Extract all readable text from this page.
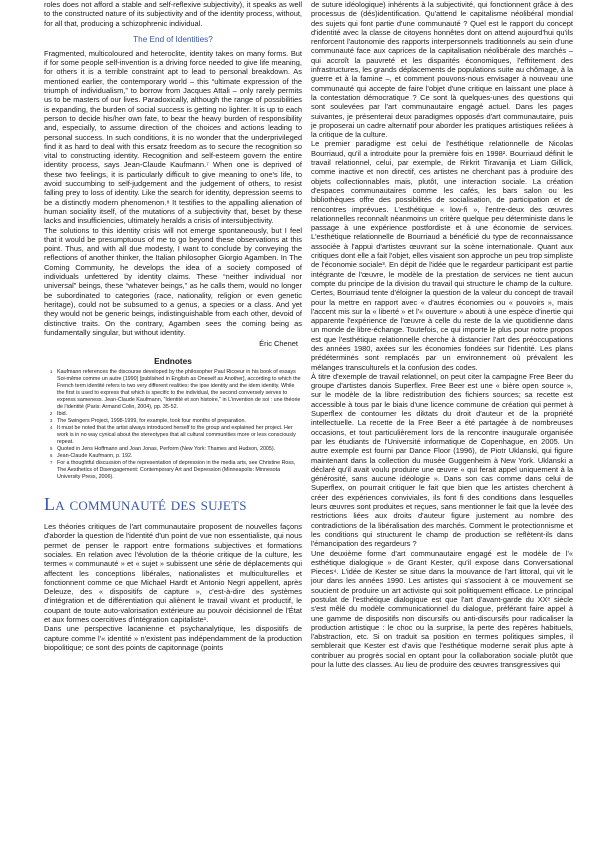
roles does not afford a stable and self-reflexive subjectivity), it speaks as well to the constructed nature of its subjectivity and of the identity process, without, for all that, producing a schizophrenic individual.

The End of Identities?

Fragmented, multicoloured and heteroclite, identity takes on many forms. But if for some people self-invention is a driving force needed to give life meaning, for others it is a terrible constraint apt to lead to personal breakdown. As mentioned earlier, the contemporary world – this “ultimate expression of the triumph of individualism,” to borrow from Jacques Attali – only rarely permits us to be masters of our lives. Paradoxically, although the range of possibilities is expanding, the burden of social success is getting no lighter. It is up to each person to decide his/her own fate, to bear the heavy burden of responsibility and, especially, to assume direction of the choices and actions leading to personal success. In such conditions, it is no wonder that the underprivileged find it as hard to deal with this ersatz freedom as to secure the recognition so vital to constructing identity. Recognition and self-esteem govern the entire identity process, says Jean-Claude Kaufmann.⁷ When one is deprived of these two feelings, it is particularly difficult to give meaning to one's life, to avoid succumbing to self-judgement and the judgement of others, to resist falling prey to loss of identity. Like the search for identity, depression seems to be a distinctly modern phenomenon.⁸ It testifies to the appalling alienation of human sociality itself, of the mutations of a subjectivity that, beset by these lacks and insufficiencies, ultimately heralds a crisis of intersubjectivity.

The solutions to this identity crisis will not emerge spontaneously, but I feel that it would be presumptuous of me to go beyond these observations at this point. Thus, and with all due modesty, I want to conclude by conveying the reflections of another thinker, the Italian philosopher Giorgio Agamben. In The Coming Community, he develops the idea of a society composed of individuals unfettered by identity claims. These “neither individual nor universal” beings, these “whatever beings,” as he calls them, would no longer be subordinated to categories (race, nationality, religion or even genetic heritage), could not be subsumed to a genus, a species or a class. And yet they would not be generic beings, indistinguishable from each other, devoid of distinctive traits. On the contrary, Agamben sees the coming being as fundamentally singular, but without identity.

Éric Chenet
Endnotes
1 Kaufmann references the discourse developed by the philosopher Paul Ricoeur in his book of essays Soi-même comme un autre (1990) [published in English as Oneself as Another], according to which the French term identité refers to two very different realities: the ipse identity and the idem identity. While the first is used to express that which is specific to the individual, the second conversely serves to express sameness. Jean-Claude Kaufmann, “Identité et son histoire,” in L'invention de soi : une théorie de l'identité (Paris: Armand Colin, 2004), pp. 35-52.
2 Ibid.
3 The Swingers Project, 1998-1999, for example, took four months of preparation.
4 It must be noted that the artist always introduced herself to the group and explained her project. Her work is in no way cynical about the stereotypes that all cultural communities more or less consciously repeat.
5 Quoted in Jens Hoffmann and Joan Jonas, Perform (New York: Thames and Hudson, 2005).
6 Jean-Claude Kaufmann, p. 192.
7 For a thoughtful discussion of the representation of depression in the media arts, see Christine Ross, The Aesthetics of Disengagement: Contemporary Art and Depression (Minneapolis: Minnesota University Press, 2006).
La communauté des sujets

Les théories critiques de l'art communautaire proposent de nouvelles façons d'aborder la question de l'identité d'un point de vue non essentialiste, qui nous permet de penser le rapport entre formations subjectives et formations sociales. En relation avec l'évolution de la théorie critique de la culture, les termes « communauté » et « sujet » subissent une série de déplacements qui affectent les conceptions libérales, nationalistes et multiculturelles et fonctionnent comme ce que Michael Hardt et Antonio Negri appellent, après Deleuze, des « dispositifs de capture », c'est-à-dire des systèmes d'intégration et de différentiation qui aliènent le travail vivant et productif, le coupant de toute auto-valorisation extérieure au pouvoir décisionnel de l'État et aux formes coercitives d'intégration capitaliste¹.

Dans une perspective lacanienne et psychanalytique, les dispositifs de capture comme l'« identité » n'existent pas indépendamment de la production biopolitique; ce sont des points de capitonnage (points

de suture idéologique) inhérents à la subjectivité, qui fonctionnent grâce à des processus de (dés)identification. Qu'attend le capitalisme néolibéral mondial des sujets qui font partie d'une communauté ? Quel est le rapport du concept d'identité avec la classe de citoyens honnêtes dont on attend aujourd'hui qu'ils renforcent l'autonomie des rapports interpersonnels traditionnels au sein d'une communauté face aux caprices de la capitalisation néolibérale des marchés – qui accroît la pauvreté et les disparités économiques, l'effritement des infrastructures, les grands déplacements de populations suite au chômage, à la guerre et à la famine –, et comment pouvons-nous envisager à nouveau une communauté qui accepte de faire l'objet d'une critique en laissant une place à la contestation démocratique ? Ce sont là quelques-unes des questions qui sont soulevées par l'art communautaire engagé actuel. Dans les pages suivantes, je présenterai deux paradigmes opposés d'art communautaire, puis je proposerai un cadre alternatif pour aborder les pratiques artistiques reliées à la critique de la culture.

Le premier paradigme est celui de l'esthétique relationnelle de Nicolas Bourriaud, qu'il a introduite pour la première fois en 1998². Bourriaud définit le travail relationnel, celui, par exemple, de Rirkrit Tiravanija et Liam Gillick, comme inactive et non directif, ces artistes ne cherchant pas à produire des objets collectionnables mais, plutôt, une interaction sociale. La création d'espaces communautaires comme les cafés, les bars salon ou les bibliothèques offre des possibilités de socialisation, de participation et de rencontres imprévues. L'esthétique « low-fi », l'entre-deux des œuvres relationnelles reconnaît néanmoins un critère quelque peu déterministe dans le passage à une expérience postfordiste et à une économie de services. L'esthétique relationnelle de Bourriaud a bénéficié du type de reconnaissance associée à l'appui d'artistes œuvrant sur la scène internationale. Quant aux critiques dont elle a fait l'objet, elles visaient son approche un peu trop simpliste de l'économie sociale³. En dépit de l'idée que le regardeur participant est partie intégrante de l'œuvre, le modèle de la prestation de services ne tient aucun compte du principe de la division du travail qui structure le champ de la culture. Certes, Bourriaud tente d'éloigner la question de la valeur du concept de travail pour la mettre en rapport avec « d'autres économies ou « pouvoirs », mais l'accent mis sur la « liberté » et l'« ouverture » abouti à une espèce d'inertie qui apparente l'expérience de l'œuvre à celle du reste de la vie quotidienne dans un monde de libre-échange. Toutefois, ce qui importe le plus pour notre propos est que l'esthétique relationnelle cherche à distancier l'art des préoccupations des années 1980, axées sur les économies fondées sur l'identité. Les plans prédéterminés sont remplacés par un environnement où prévalent les mélanges transculturels et la confusion des codes.

À titre d'exemple de travail relationnel, on peut citer la campagne Free Beer du groupe d'artistes danois Superflex. Free Beer est une « bière open source », sur le modèle de la libre redistribution des fichiers sources; sa recette est accessible à tous par le biais d'une licence commune de création qui permet à Superflex de contourner les diktats du droit d'auteur et de la propriété intellectuelle. La recette de la Free Beer a été partagée à de nombreuses occasions, et tout particulièrement lors de la rencontre inaugurale organisée par les étudiants de l'Université informatique de Copenhague, en 2005. Un autre exemple est fourni par Dance Floor (1996), de Piotr Uklanski, qui figure maintenant dans la collection du musée Guggenheim à New York. Uklanski a déclaré qu'il avait voulu produire une œuvre « qui ferait appel uniquement à la générosité, sans aucune idéologie ». Dans son cas comme dans celui de Superflex, on pourrait critiquer le fait que bien que les artistes cherchent à créer des expériences conviviales, ils font fi des conditions dans lesquelles leurs œuvres sont produites et reçues, sans mentionner le fait que la levée des restrictions liées aux droits d'auteur figure justement au nombre des contradictions de la libéralisation des marchés. Comment le protectionnisme et les conditions qui structurent le champ de production se reflètent-ils dans l'émancipation des regardeurs ?

Une deuxième forme d'art communautaire engagé est le modèle de l'« esthétique dialogique » de Grant Kester, qu'il expose dans Conversational Pieces⁴. L'idée de Kester se situe dans la mouvance de l'art littoral, qui vit le jour dans les années 1990. Les artistes qui s'associent à ce mouvement se soucient de produire un art activiste qui soit politiquement efficace. Le principal postulat de l'esthétique dialogique est que l'art d'avant-garde du XXᵉ siècle s'est mêlé du modèle communicationnel du dialogue, préférant faire appel à une gamme de dispositifs non discursifs ou anti-discursifs pour radicaliser la production artistique : le choc ou la surprise, la perte des repères habituels, l'abstraction, etc. Si on traduit sa position en termes politiques simples, il semblerait que Kester est d'avis que l'esthétique moderne serait plus apte à contribuer au progrès social en optant pour la collaboration sociale plutôt que pour la lutte des classes. Au lieu de produire des œuvres transgressives qui
